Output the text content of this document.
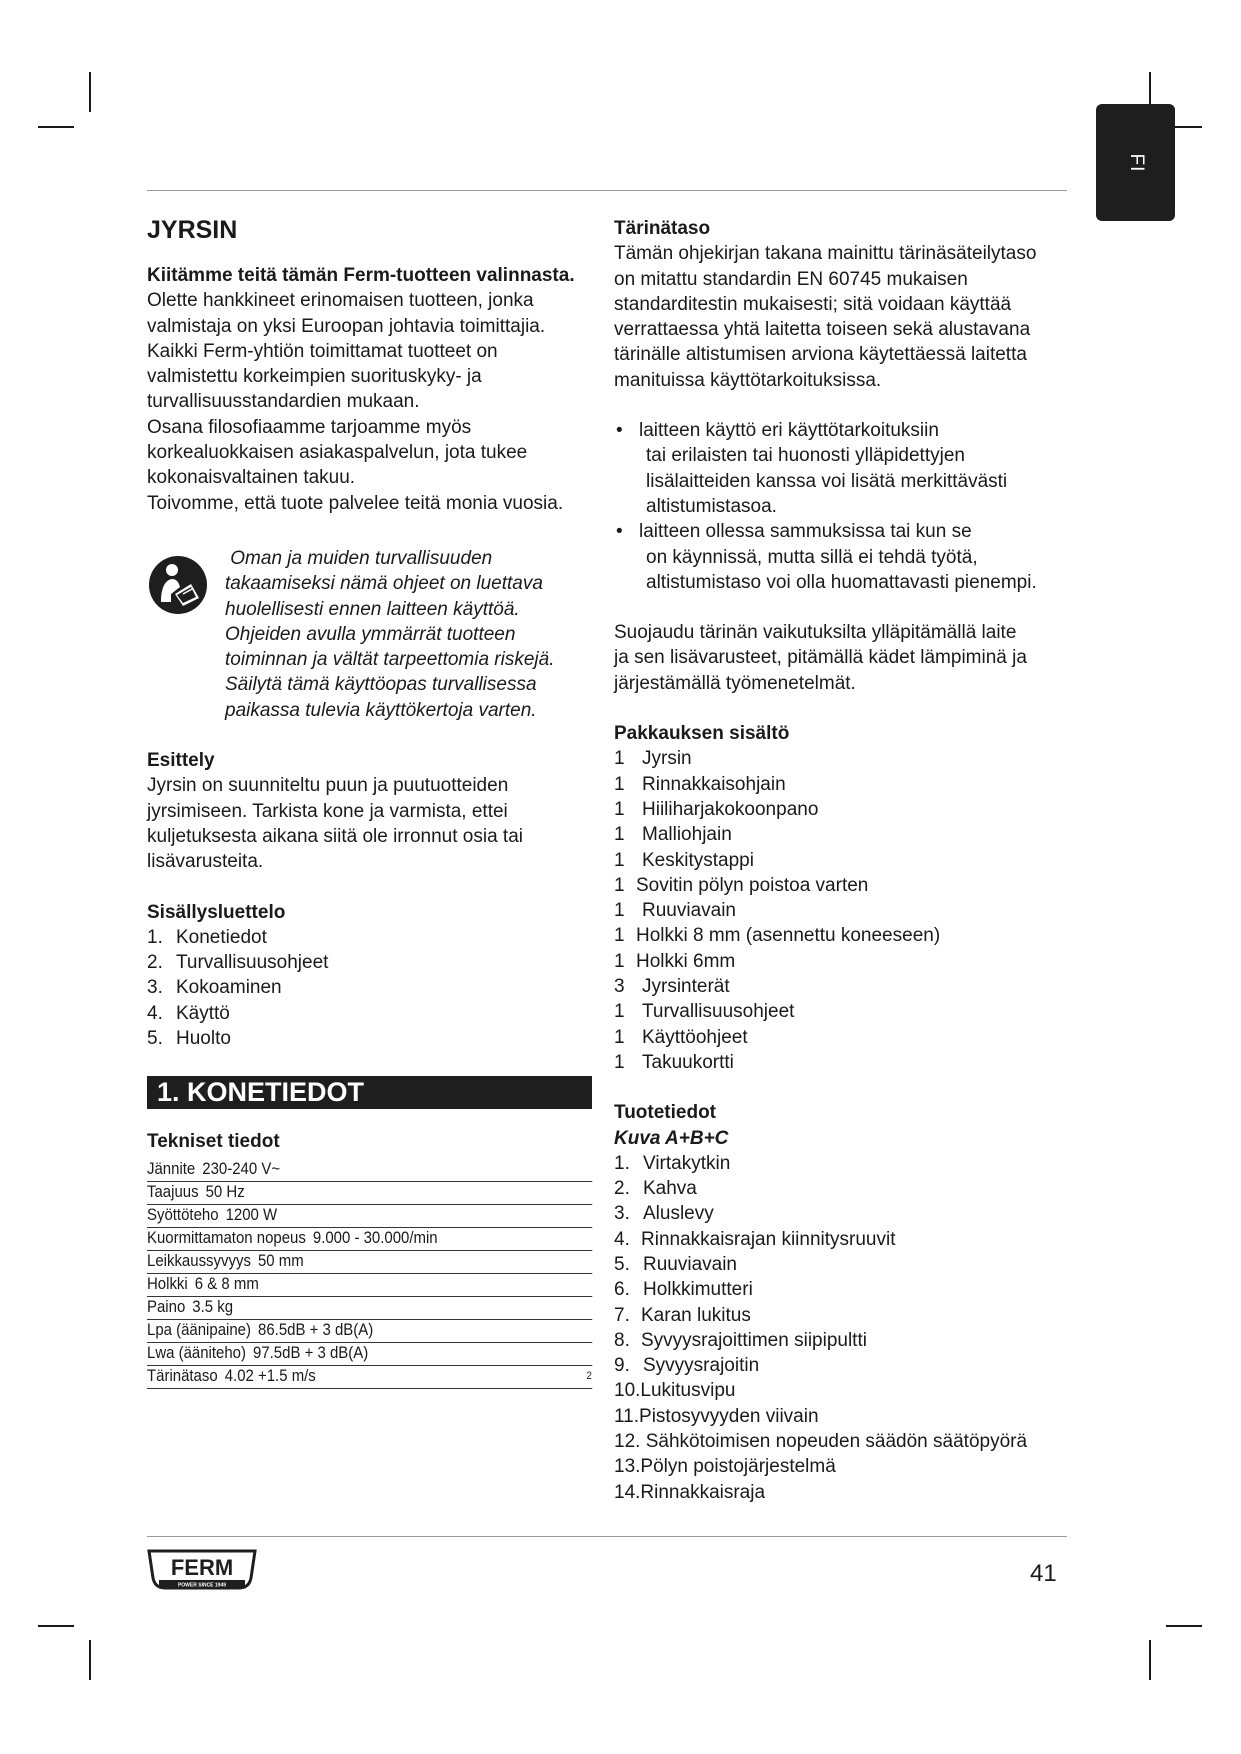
FI
JYRSIN

Kiitämme teitä tämän Ferm-tuotteen valinnasta.

Olette hankkineet erinomaisen tuotteen, jonka

valmistaja on yksi Euroopan johtavia toimittajia.

Kaikki Ferm-yhtiön toimittamat tuotteet on

valmistettu korkeimpien suorituskyky- ja

turvallisuusstandardien mukaan.

Osana filosofiaamme tarjoamme myös

korkealuokkaisen asiakaspalvelun, jota tukee

kokonaisvaltainen takuu.

Toivomme, että tuote palvelee teitä monia vuosia.

Oman ja muiden turvallisuuden

takaamiseksi nämä ohjeet on luettava

huolellisesti ennen laitteen käyttöä.

Ohjeiden avulla ymmärrät tuotteen

toiminnan ja vältät tarpeettomia riskejä.

Säilytä tämä käyttöopas turvallisessa

paikassa tulevia käyttökertoja varten.

Esittely

Jyrsin on suunniteltu puun ja puutuotteiden

jyrsimiseen. Tarkista kone ja varmista, ettei

kuljetuksesta aikana siitä ole irronnut osia tai

lisävarusteita.

Sisällysluettelo

1. Konetiedot
2. Turvallisuusohjeet
3. Kokoaminen
4. Käyttö
5. Huolto
1. KONETIEDOT

Tekniset tiedot

Jännite 230-240 V~
Taajuus 50 Hz
Syöttöteho 1200 W
Kuormittamaton nopeus 9.000 - 30.000/min
Leikkaussyvyys 50 mm
Holkki 6 & 8 mm
Paino 3.5 kg
Lpa (äänipaine) 86.5dB + 3 dB(A)
Lwa (ääniteho) 97.5dB + 3 dB(A)
Tärinätaso 4.02 +1.5 m/s	2

Tärinätaso

Tämän ohjekirjan takana mainittu tärinäsäteilytaso

on mitattu standardin EN 60745 mukaisen

standarditestin mukaisesti; sitä voidaan käyttää

verrattaessa yhtä laitetta toiseen sekä alustavana

tärinälle altistumisen arviona käytettäessä laitetta

manituissa käyttötarkoituksissa.

• laitteen käyttö eri käyttötarkoituksiin
tai erilaisten tai huonosti ylläpidettyjen
lisälaitteiden kanssa voi lisätä merkittävästi
altistumistasoa.
• laitteen ollessa sammuksissa tai kun se
on käynnissä, mutta sillä ei tehdä työtä,
altistumistaso voi olla huomattavasti pienempi.

Suojaudu tärinän vaikutuksilta ylläpitämällä laite

ja sen lisävarusteet, pitämällä kädet lämpiminä ja

järjestämällä työmenetelmät.

Pakkauksen sisältö

1 Jyrsin
1 Rinnakkaisohjain
1 Hiiliharjakokoonpano
1 Malliohjain
1 Keskitystappi
1 Sovitin pölyn poistoa varten
1 Ruuviavain
1 Holkki 8 mm (asennettu koneeseen)
1 Holkki 6mm
3 Jyrsinterät
1 Turvallisuusohjeet
1 Käyttöohjeet
1 Takuukortti

Tuotetiedot

Kuva A+B+C

1. Virtakytkin
2. Kahva
3. Aluslevy
4. Rinnakkaisrajan kiinnitysruuvit
5. Ruuviavain
6. Holkkimutteri
7. Karan lukitus
8. Syvyysrajoittimen siipipultti
9. Syvyysrajoitin
10. Lukitusvipu
11. Pistosyvyyden viivain
12. Sähkötoimisen nopeuden säädön säätöpyörä
13. Pölyn poistojärjestelmä
14. Rinnakkaisraja
FERM
POWER SINCE 1949	41
